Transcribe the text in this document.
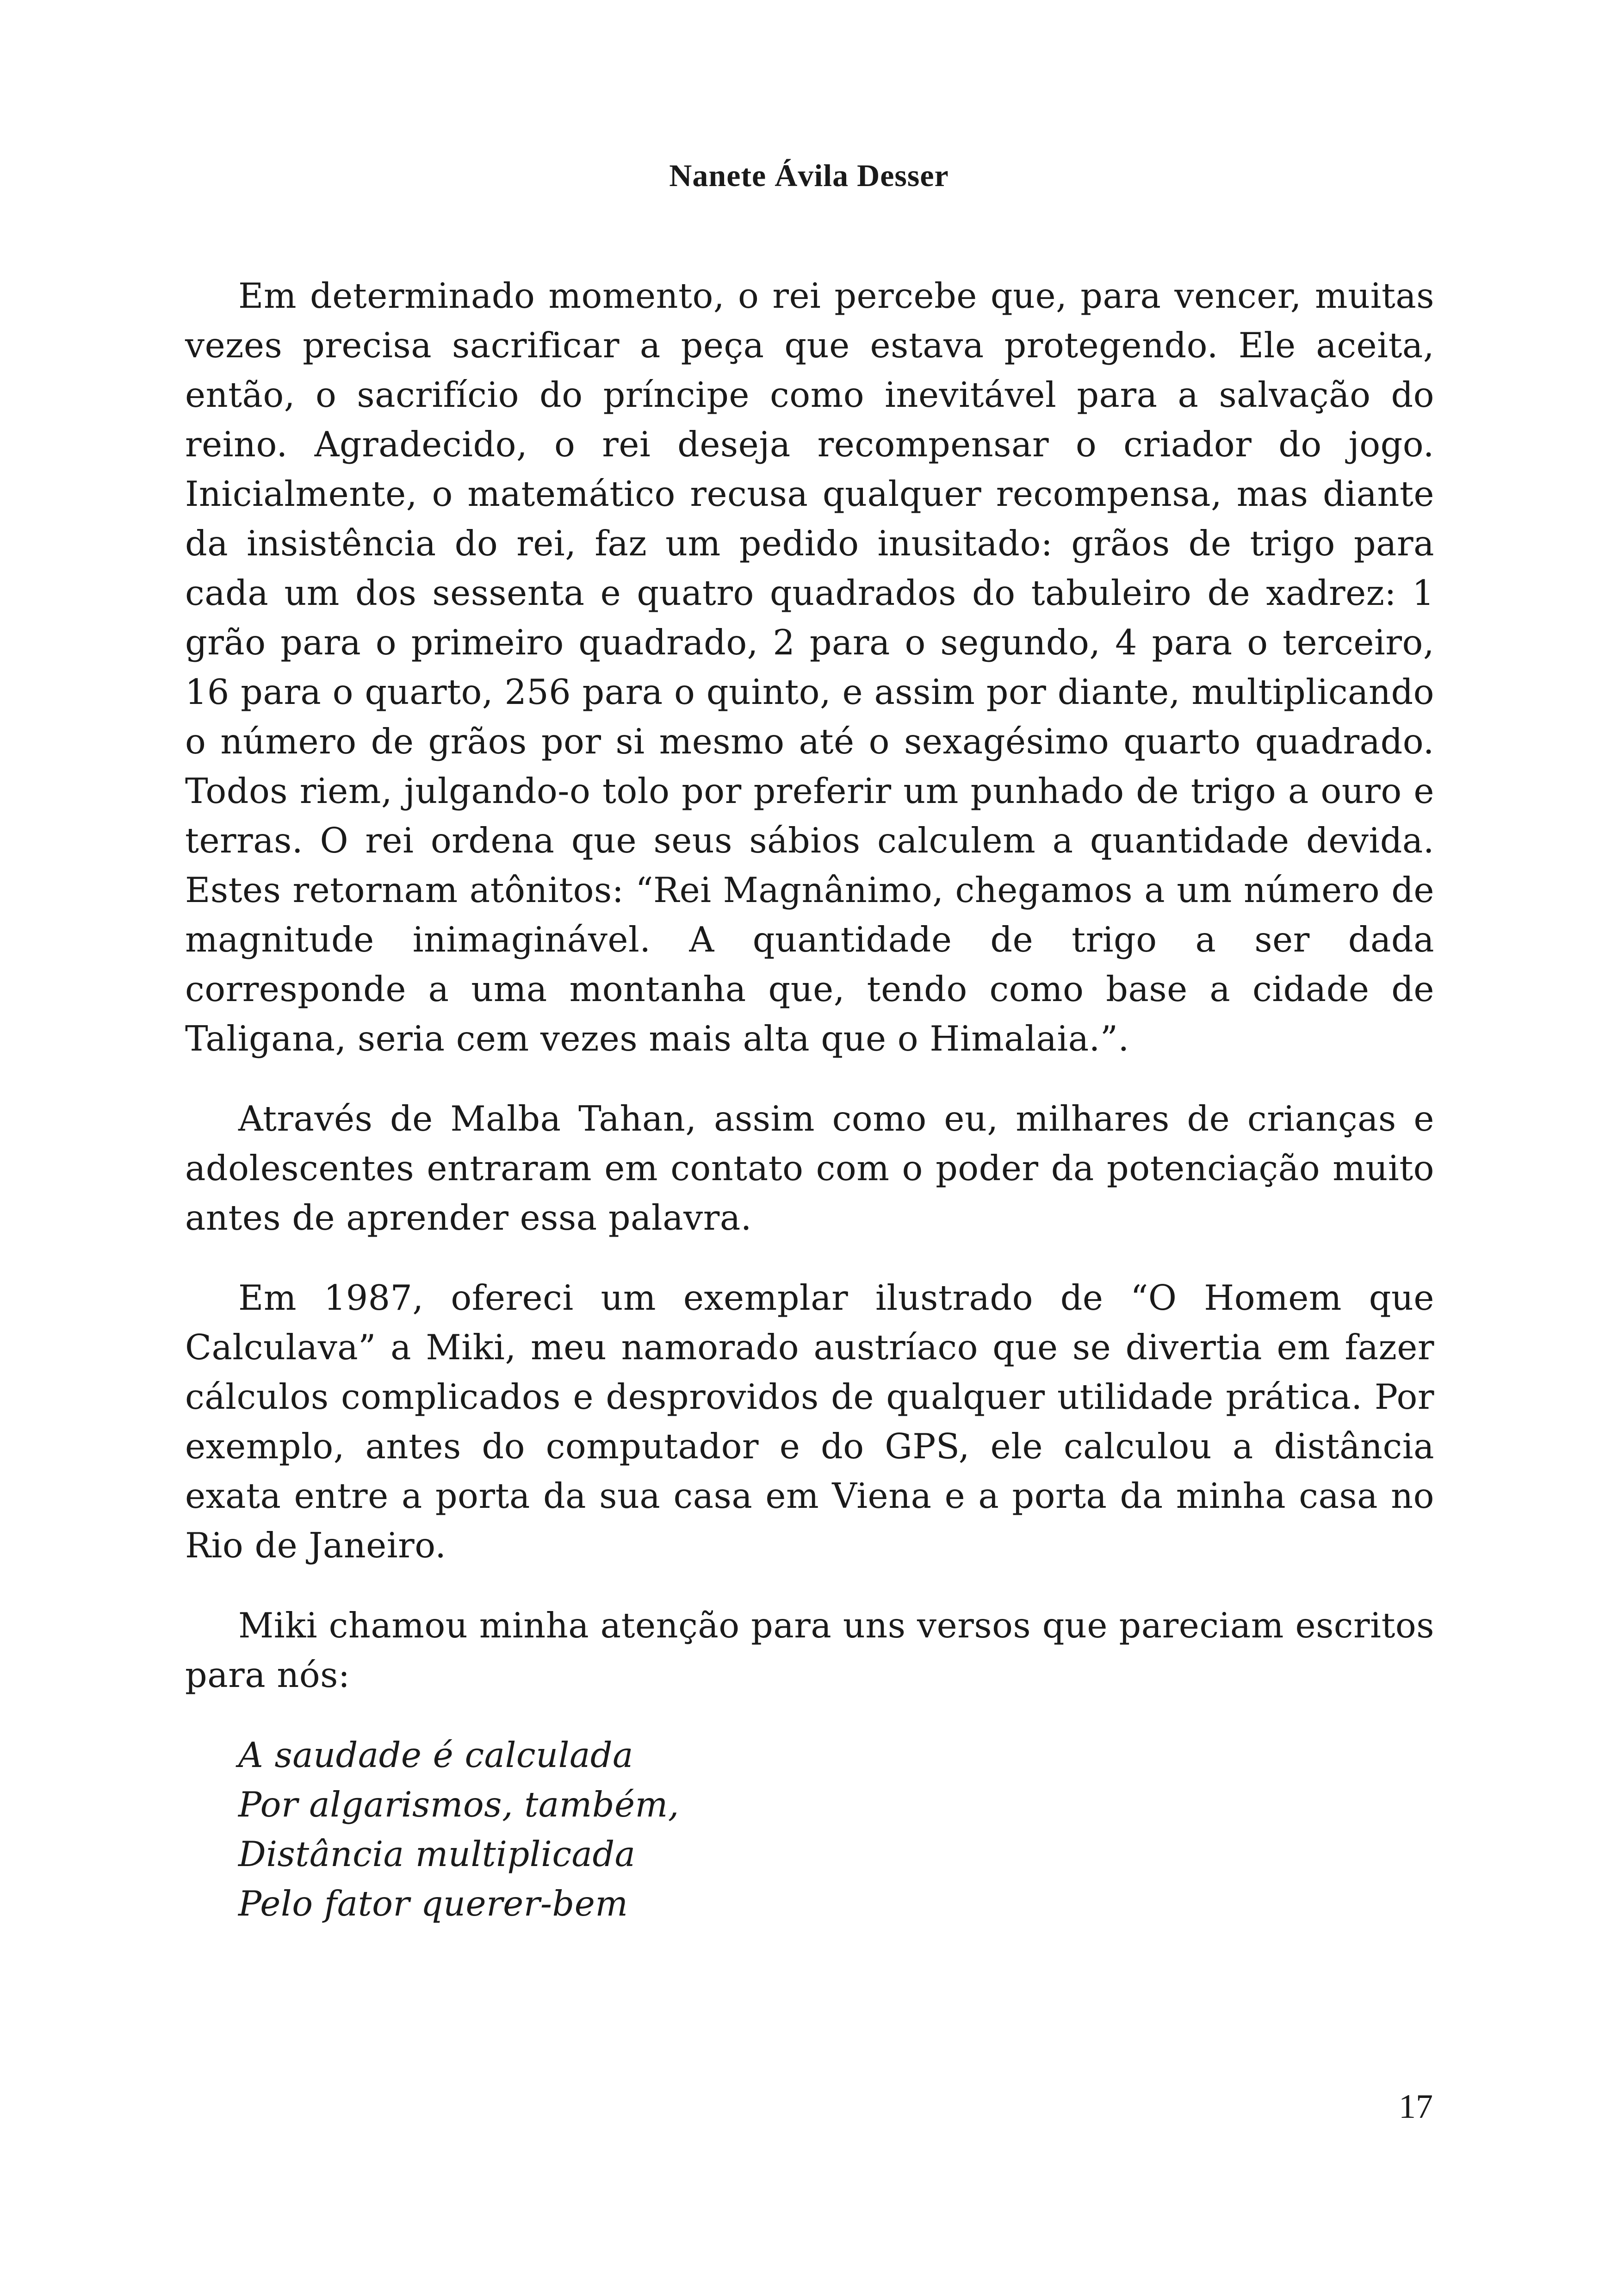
Nanete Ávila Desser

Em determinado momento, o rei percebe que, para vencer, muitas vezes precisa sacrificar a peça que estava protegendo. Ele aceita, então, o sacrifício do príncipe como inevitável para a salvação do reino. Agradecido, o rei deseja recompensar o criador do jogo. Inicialmente, o matemático recusa qualquer recompensa, mas diante da insistência do rei, faz um pedido inusitado: grãos de trigo para cada um dos sessenta e quatro quadrados do tabuleiro de xadrez: 1 grão para o primeiro quadrado, 2 para o segundo, 4 para o terceiro, 16 para o quarto, 256 para o quinto, e assim por diante, multiplicando o número de grãos por si mesmo até o sexagésimo quarto quadrado. Todos riem, julgando-o tolo por preferir um punhado de trigo a ouro e terras. O rei ordena que seus sábios calculem a quantidade devida. Estes retornam atônitos: “Rei Magnânimo, chegamos a um número de magnitude inimaginável. A quantidade de trigo a ser dada corresponde a uma montanha que, tendo como base a cidade de Taligana, seria cem vezes mais alta que o Himalaia.”.

Através de Malba Tahan, assim como eu, milhares de crianças e adolescentes entraram em contato com o poder da potenciação muito antes de aprender essa palavra.

Em 1987, ofereci um exemplar ilustrado de “O Homem que Calculava” a Miki, meu namorado austríaco que se divertia em fazer cálculos complicados e desprovidos de qualquer utilidade prática. Por exemplo, antes do computador e do GPS, ele calculou a distância exata entre a porta da sua casa em Viena e a porta da minha casa no Rio de Janeiro.

Miki chamou minha atenção para uns versos que pareciam escritos para nós:

A saudade é calculada
Por algarismos, também,
Distância multiplicada
Pelo fator querer-bem
17
